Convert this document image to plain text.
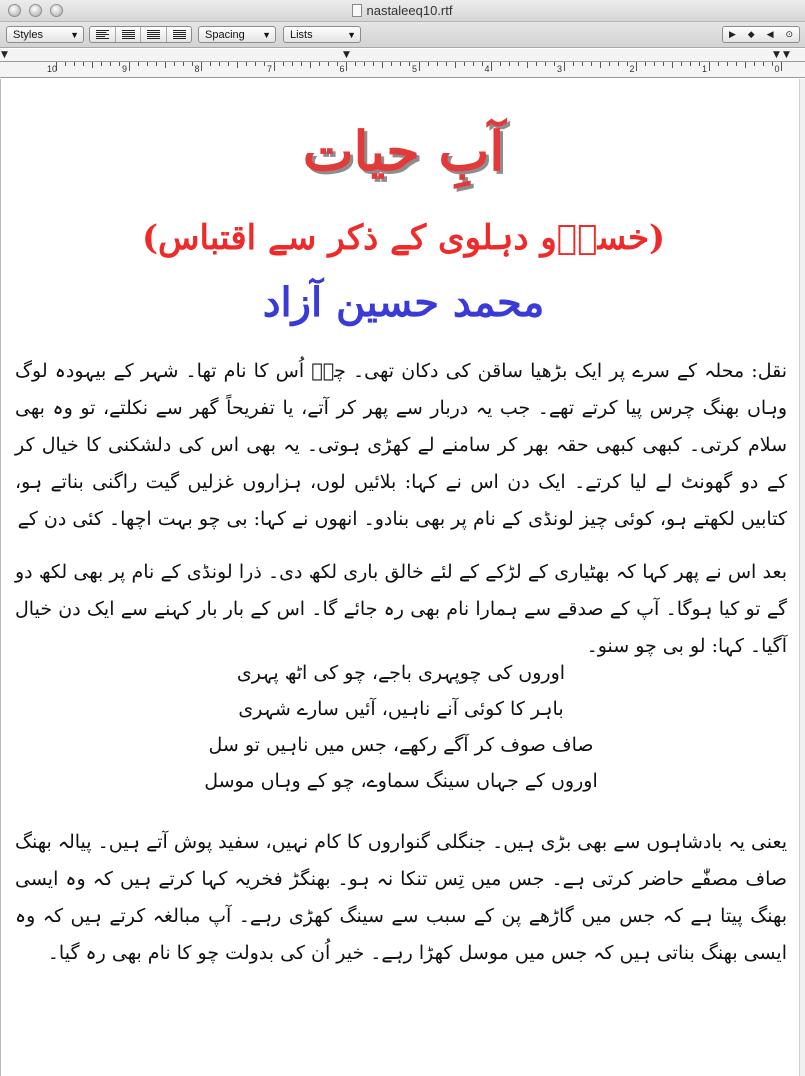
nastaleeq10.rtf
Styles	▼	Spacing ▼	Lists	▼	▶ ◆ ◀ ⊙
▼	▼	▼ ▼
10	9	8	7	6	5	4	3	2	1	0
آبِ حیات
(خسرؔو دہلوی کے ذکر سے اقتباس)
محمد حسین آزاد
نقل: محلہ کے سرے پر ایک بڑھیا ساقن کی دکان تھی۔ چوؔ اُس کا نام تھا۔ شہر کے بیہودہ لوگ وہاں بھنگ چرس پیا کرتے تھے۔ جب یہ دربار سے پھر کر آتے، یا تفریحاً گھر سے نکلتے، تو وہ بھی سلام کرتی۔ کبھی کبھی حقہ بھر کر سامنے لے کھڑی ہوتی۔ یہ بھی اس کی دلشکنی کا خیال کر کے دو گھونٹ لے لیا کرتے۔ ایک دن اس نے کہا: بلائیں لوں، ہزاروں غزلیں گیت راگنی بناتے ہو، کتابیں لکھتے ہو، کوئی چیز لونڈی کے نام پر بھی بنادو۔ انھوں نے کہا: بی چو بہت اچھا۔ کئی دن کے
بعد اس نے پھر کہا کہ بھٹیاری کے لڑکے کے لئے خالق باری لکھ دی۔ ذرا لونڈی کے نام پر بھی لکھ دو گے تو کیا ہوگا۔ آپ کے صدقے سے ہمارا نام بھی رہ جائے گا۔ اس کے بار بار کہنے سے ایک دن خیال آگیا۔ کہا: لو بی چو سنو۔
اوروں کی چوپہری باجے، چو کی اٹھ پہری
باہر کا کوئی آنے ناہیں، آئیں سارے شہری
صاف صوف کر آگے رکھے، جس میں ناہیں تو سل
اوروں کے جہاں سینگ سماوے، چو کے وہاں موسل
یعنی یہ بادشاہوں سے بھی بڑی ہیں۔ جنگلی گنواروں کا کام نہیں، سفید پوش آتے ہیں۔ پیالہ بھنگ صاف مصفّٰے حاضر کرتی ہے۔ جس میں تِس تنکا نہ ہو۔ بھنگڑ فخریہ کہا کرتے ہیں کہ وہ ایسی بھنگ پیتا ہے کہ جس میں گاڑھے پن کے سبب سے سینگ کھڑی رہے۔ آپ مبالغہ کرتے ہیں کہ وہ ایسی بھنگ بناتی ہیں کہ جس میں موسل کھڑا رہے۔ خیر اُن کی بدولت چو کا نام بھی رہ گیا۔
